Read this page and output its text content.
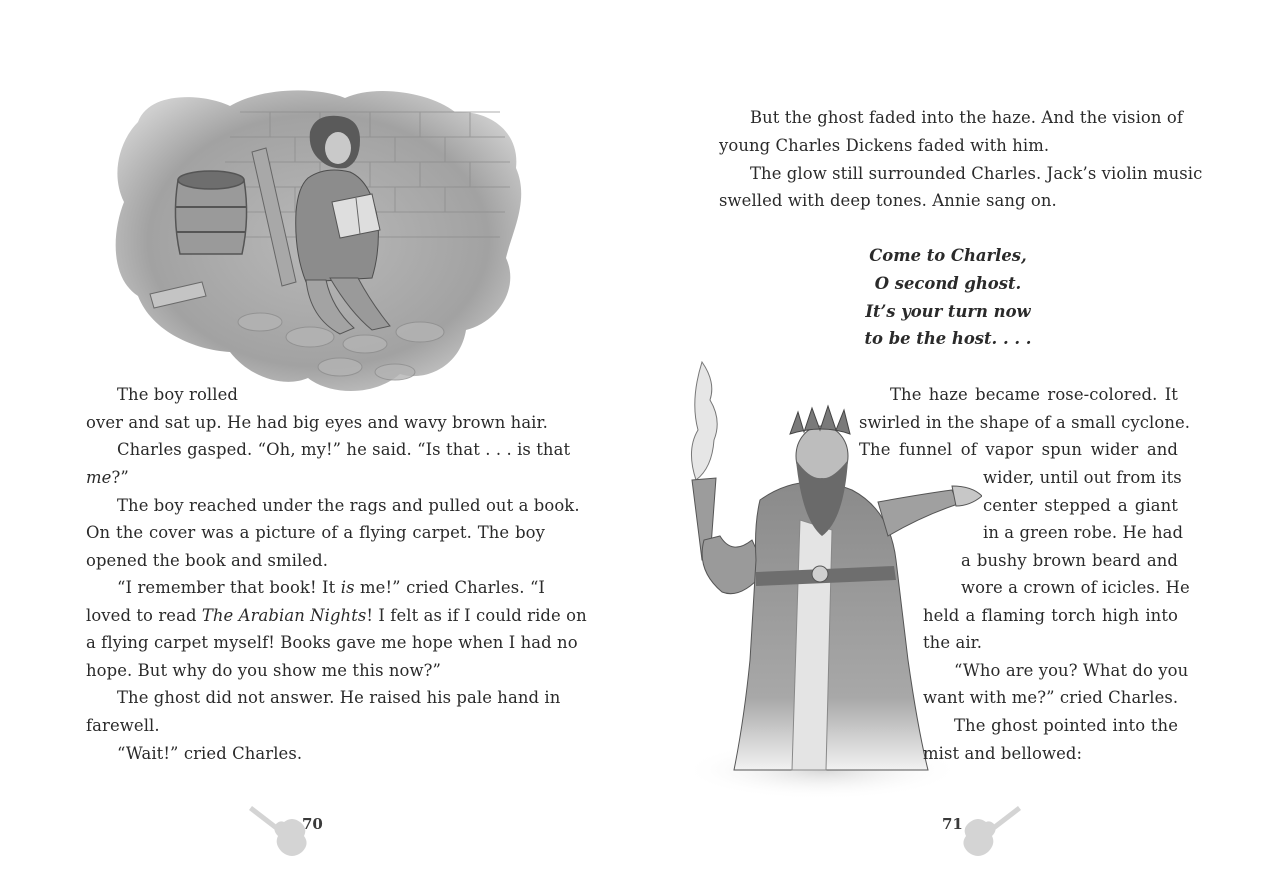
The boy rolled

over and sat up. He had big eyes and wavy brown hair.

Charles gasped. “Oh, my!” he said. “Is that . . . is that

me?”

The boy reached under the rags and pulled out a book.

On the cover was a picture of a flying carpet. The boy

opened the book and smiled.

“I remember that book! It is me!” cried Charles. “I

loved to read The Arabian Nights! I felt as if I could ride on

a flying carpet myself! Books gave me hope when I had no

hope. But why do you show me this now?”

The ghost did not answer. He raised his pale hand in

farewell.

“Wait!” cried Charles.

70

But the ghost faded into the haze. And the vision of

young Charles Dickens faded with him.

The glow still surrounded Charles. Jack’s violin music

swelled with deep tones. Annie sang on.

Come to Charles,

O second ghost.

It’s your turn now

to be the host. . . .

The haze became rose-colored. It

swirled in the shape of a small cyclone.

The funnel of vapor spun wider and

wider, until out from its

center stepped a giant

in a green robe. He had

a bushy brown beard and

wore a crown of icicles. He

held a flaming torch high into

the air.

“Who are you? What do you

want with me?” cried Charles.

The ghost pointed into the

mist and bellowed:

71
